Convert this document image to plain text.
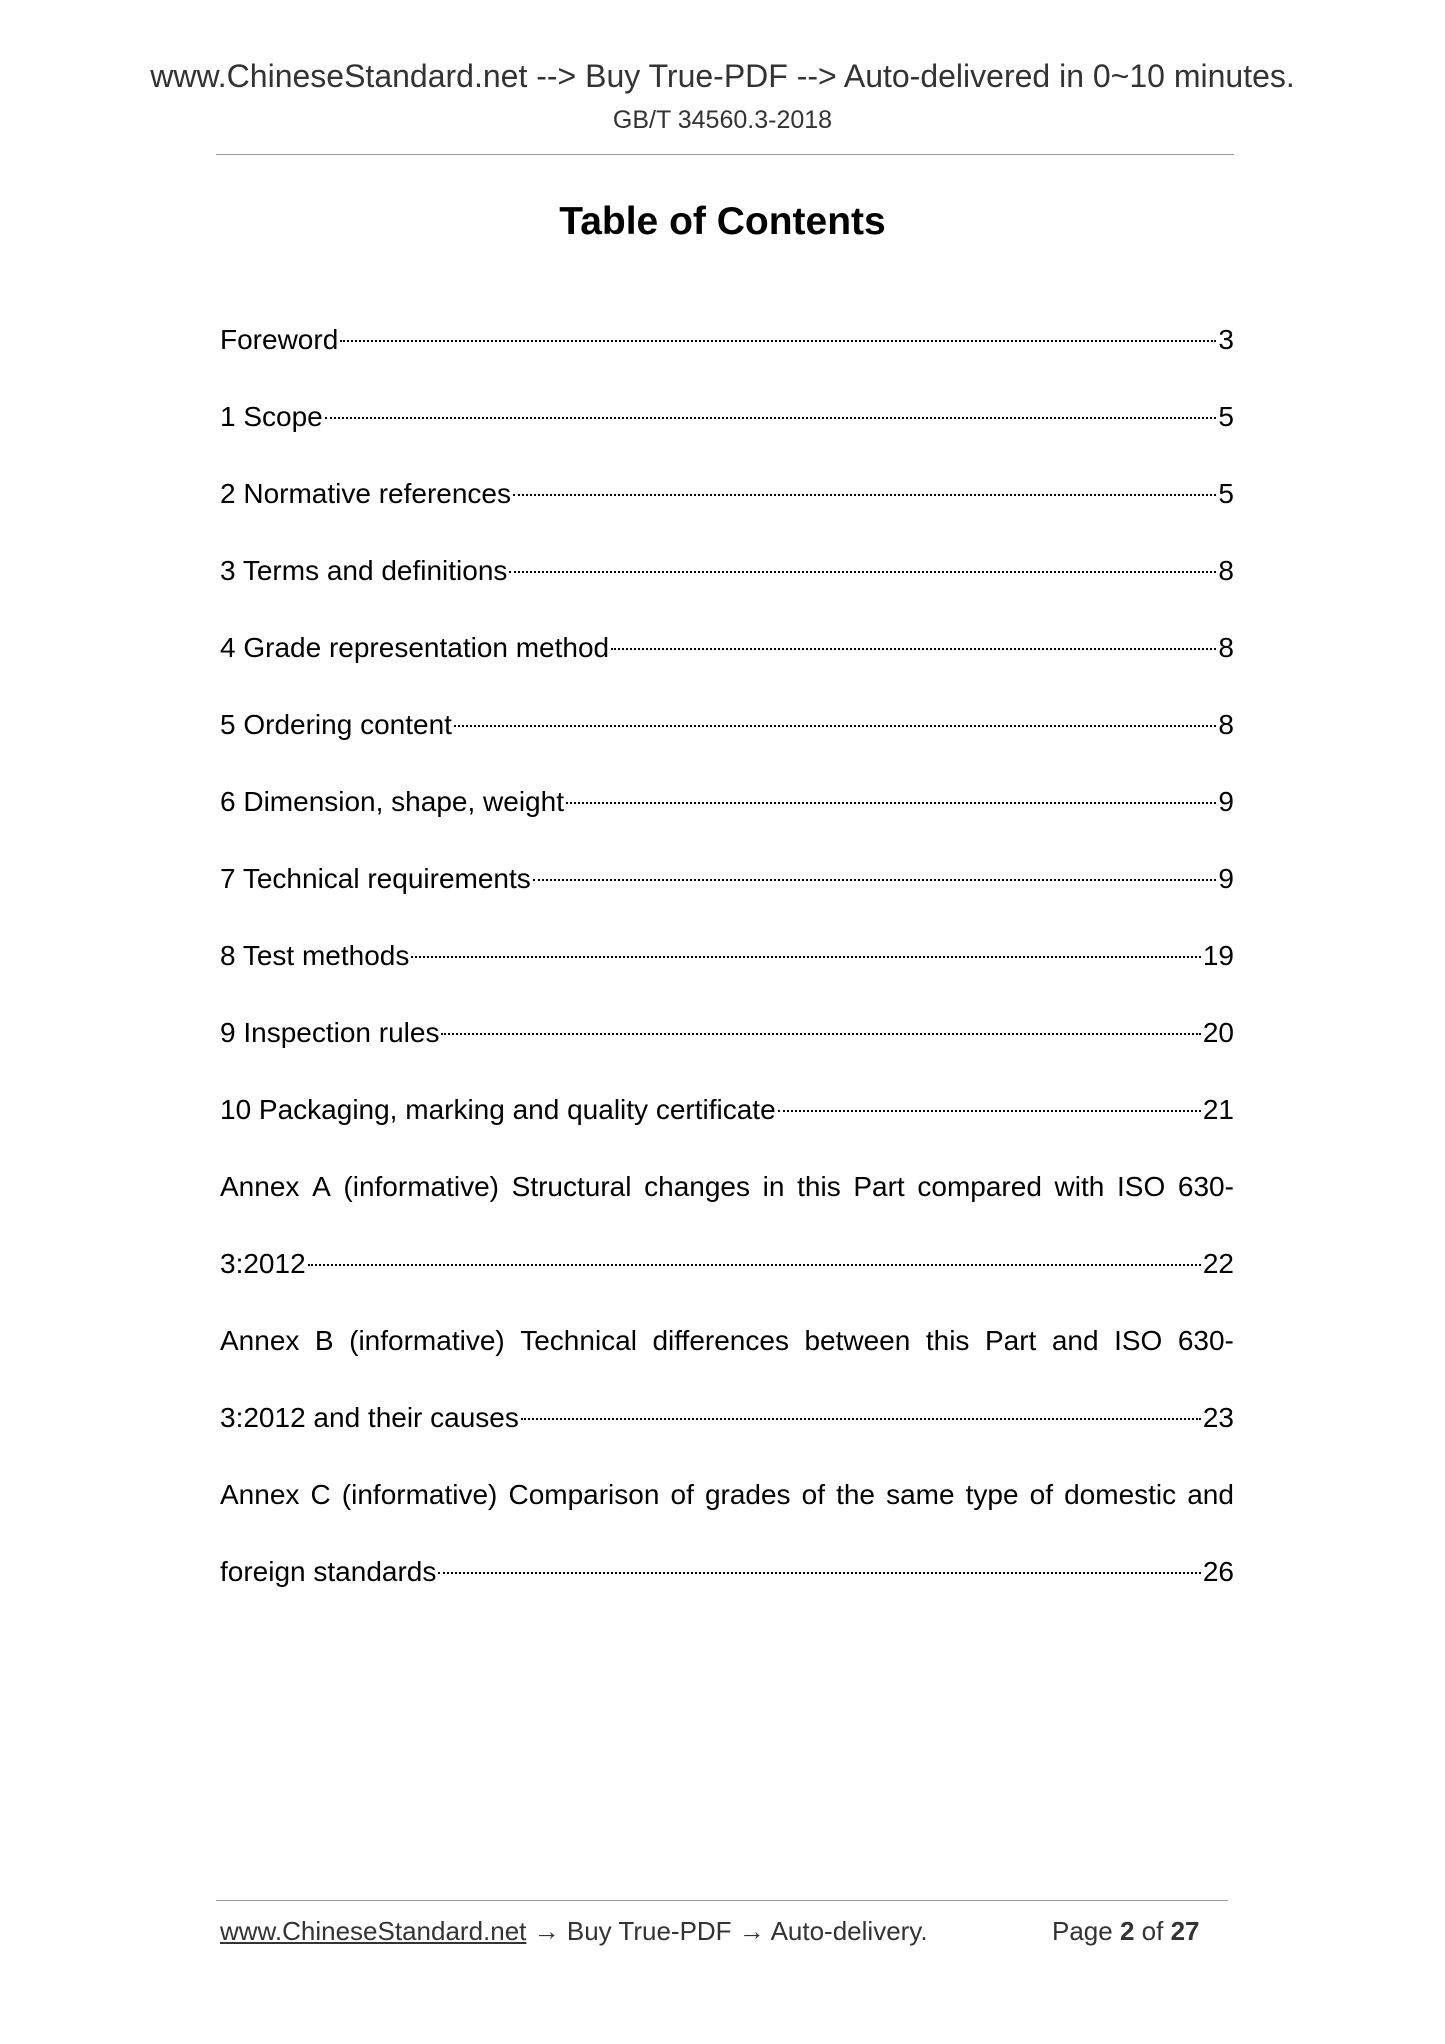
www.ChineseStandard.net --> Buy True-PDF --> Auto-delivered in 0~10 minutes.
GB/T 34560.3-2018
Table of Contents
Foreword	3
1 Scope	5
2 Normative references	5
3 Terms and definitions	8
4 Grade representation method	8
5 Ordering content	8
6 Dimension, shape, weight	9
7 Technical requirements	9
8 Test methods	19
9 Inspection rules	20
10 Packaging, marking and quality certificate	21
Annex A (informative) Structural changes in this Part compared with ISO 630-
3:2012	22
Annex B (informative) Technical differences between this Part and ISO 630-
3:2012 and their causes	23
Annex C (informative) Comparison of grades of the same type of domestic and
foreign standards	26
www.ChineseStandard.net → Buy True-PDF → Auto-delivery.	Page 2 of 27
